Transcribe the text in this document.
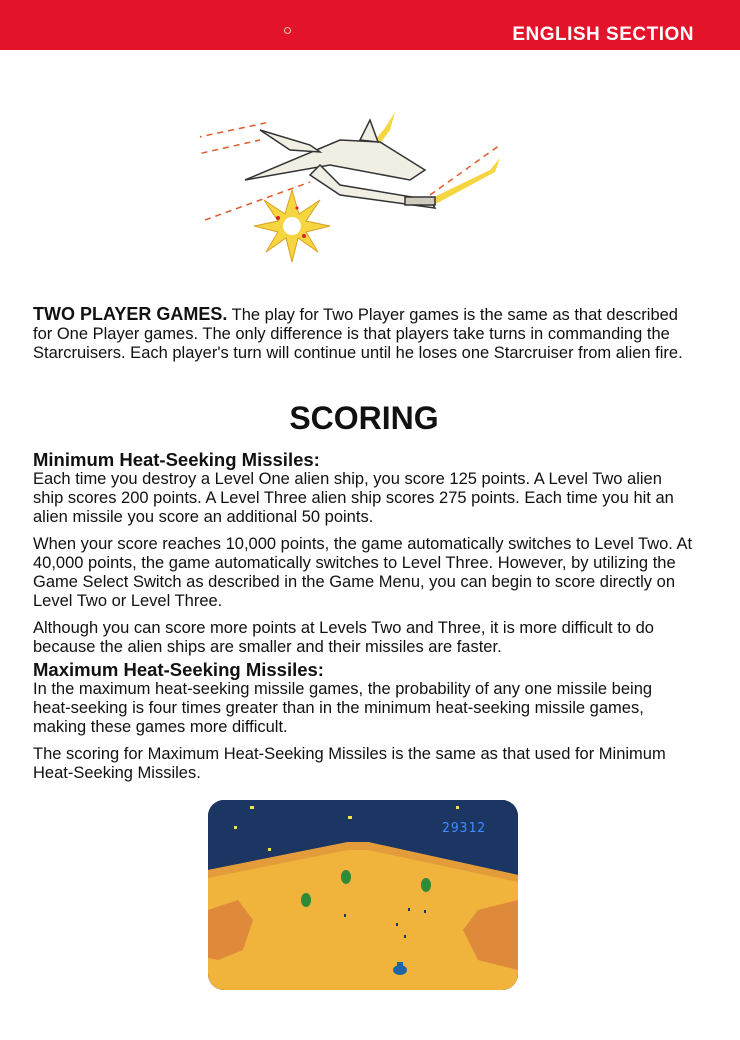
ENGLISH SECTION

TWO PLAYER GAMES. The play for Two Player games is the same as that described for One Player games. The only difference is that players take turns in commanding the Starcruisers. Each player's turn will continue until he loses one Starcruiser from alien fire.

SCORING

Minimum Heat-Seeking Missiles:

Each time you destroy a Level One alien ship, you score 125 points. A Level Two alien ship scores 200 points. A Level Three alien ship scores 275 points. Each time you hit an alien missile you score an additional 50 points.

When your score reaches 10,000 points, the game automatically switches to Level Two. At 40,000 points, the game automatically switches to Level Three. However, by utilizing the Game Select Switch as described in the Game Menu, you can begin to score directly on Level Two or Level Three.

Although you can score more points at Levels Two and Three, it is more difficult to do because the alien ships are smaller and their missiles are faster.

Maximum Heat-Seeking Missiles:

In the maximum heat-seeking missile games, the probability of any one missile being heat-seeking is four times greater than in the minimum heat-seeking missile games, making these games more difficult.

The scoring for Maximum Heat-Seeking Missiles is the same as that used for Minimum Heat-Seeking Missiles.

29312
